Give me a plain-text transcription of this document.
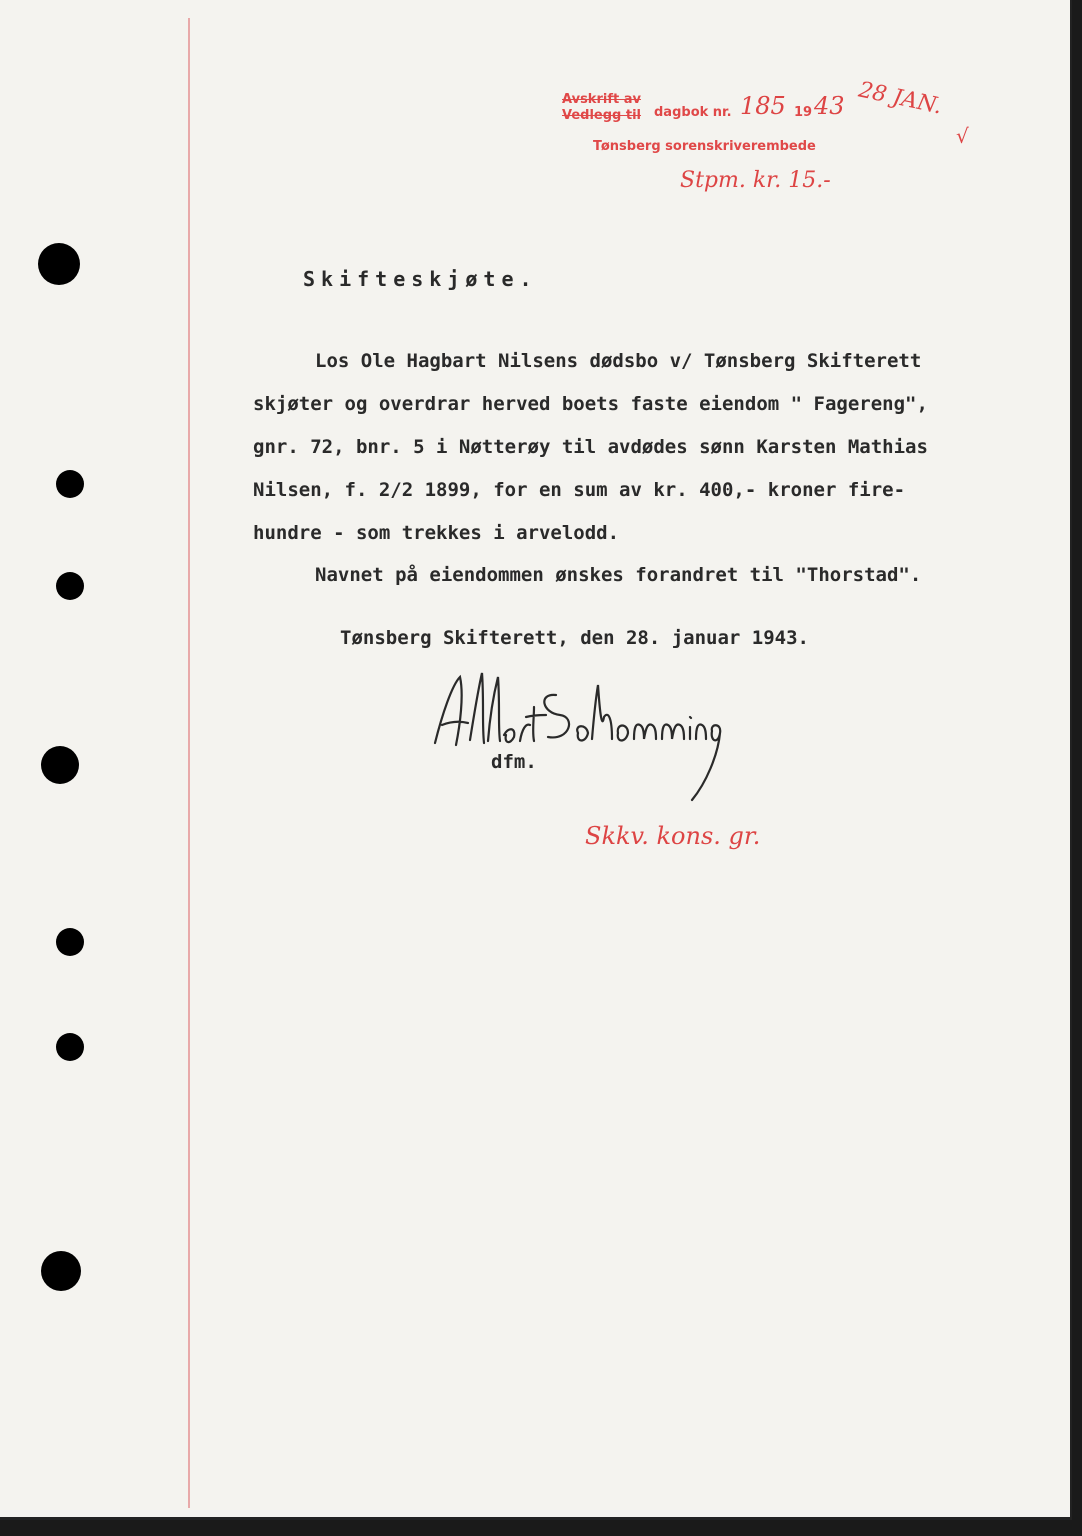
Avskrift av
Vedlegg til dagbok nr. 185 19 43 28 JAN.
√
Tønsberg sorenskriverembede
Stpm. kr. 15.-
Skifteskjøte.
Los Ole Hagbart Nilsens dødsbo v/ Tønsberg Skifterett
skjøter og overdrar herved boets faste eiendom " Fagereng",
gnr. 72, bnr. 5 i Nøtterøy til avdødes sønn Karsten Mathias
Nilsen, f. 2/2 1899, for en sum av kr. 400,- kroner fire-
hundre - som trekkes i arvelodd.
Navnet på eiendommen ønskes forandret til "Thorstad".
Tønsberg Skifterett, den 28. januar 1943.
dfm.
Skkv. kons. gr.
